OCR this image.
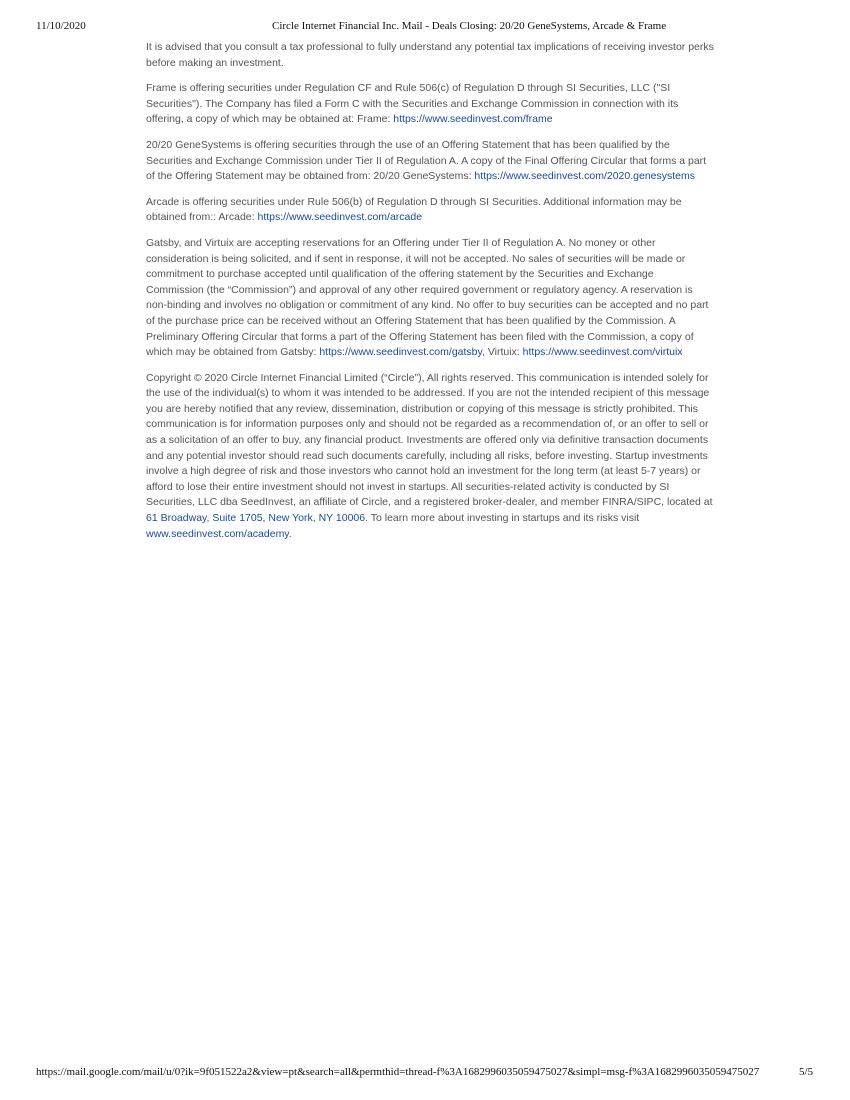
11/10/2020	Circle Internet Financial Inc. Mail - Deals Closing: 20/20 GeneSystems, Arcade & Frame

It is advised that you consult a tax professional to fully understand any potential tax implications of receiving investor perks before making an investment.

Frame is offering securities under Regulation CF and Rule 506(c) of Regulation D through SI Securities, LLC ("SI Securities"). The Company has filed a Form C with the Securities and Exchange Commission in connection with its offering, a copy of which may be obtained at: Frame: https://www.seedinvest.com/frame

20/20 GeneSystems is offering securities through the use of an Offering Statement that has been qualified by the Securities and Exchange Commission under Tier II of Regulation A. A copy of the Final Offering Circular that forms a part of the Offering Statement may be obtained from: 20/20 GeneSystems: https://www.seedinvest.com/2020.genesystems

Arcade is offering securities under Rule 506(b) of Regulation D through SI Securities. Additional information may be obtained from:: Arcade: https://www.seedinvest.com/arcade

Gatsby, and Virtuix are accepting reservations for an Offering under Tier II of Regulation A. No money or other consideration is being solicited, and if sent in response, it will not be accepted. No sales of securities will be made or commitment to purchase accepted until qualification of the offering statement by the Securities and Exchange Commission (the “Commission”) and approval of any other required government or regulatory agency. A reservation is non-binding and involves no obligation or commitment of any kind. No offer to buy securities can be accepted and no part of the purchase price can be received without an Offering Statement that has been qualified by the Commission. A Preliminary Offering Circular that forms a part of the Offering Statement has been filed with the Commission, a copy of which may be obtained from Gatsby: https://www.seedinvest.com/gatsby, Virtuix: https://www.seedinvest.com/virtuix

Copyright © 2020 Circle Internet Financial Limited (“Circle”), All rights reserved. This communication is intended solely for the use of the individual(s) to whom it was intended to be addressed. If you are not the intended recipient of this message you are hereby notified that any review, dissemination, distribution or copying of this message is strictly prohibited. This communication is for information purposes only and should not be regarded as a recommendation of, or an offer to sell or as a solicitation of an offer to buy, any financial product. Investments are offered only via definitive transaction documents and any potential investor should read such documents carefully, including all risks, before investing. Startup investments involve a high degree of risk and those investors who cannot hold an investment for the long term (at least 5-7 years) or afford to lose their entire investment should not invest in startups. All securities-related activity is conducted by SI Securities, LLC dba SeedInvest, an affiliate of Circle, and a registered broker-dealer, and member FINRA/SIPC, located at 61 Broadway, Suite 1705, New York, NY 10006. To learn more about investing in startups and its risks visit www.seedinvest.com/academy.

https://mail.google.com/mail/u/0?ik=9f051522a2&view=pt&search=all&permthid=thread-f%3A1682996035059475027&simpl=msg-f%3A1682996035059475027	5/5
